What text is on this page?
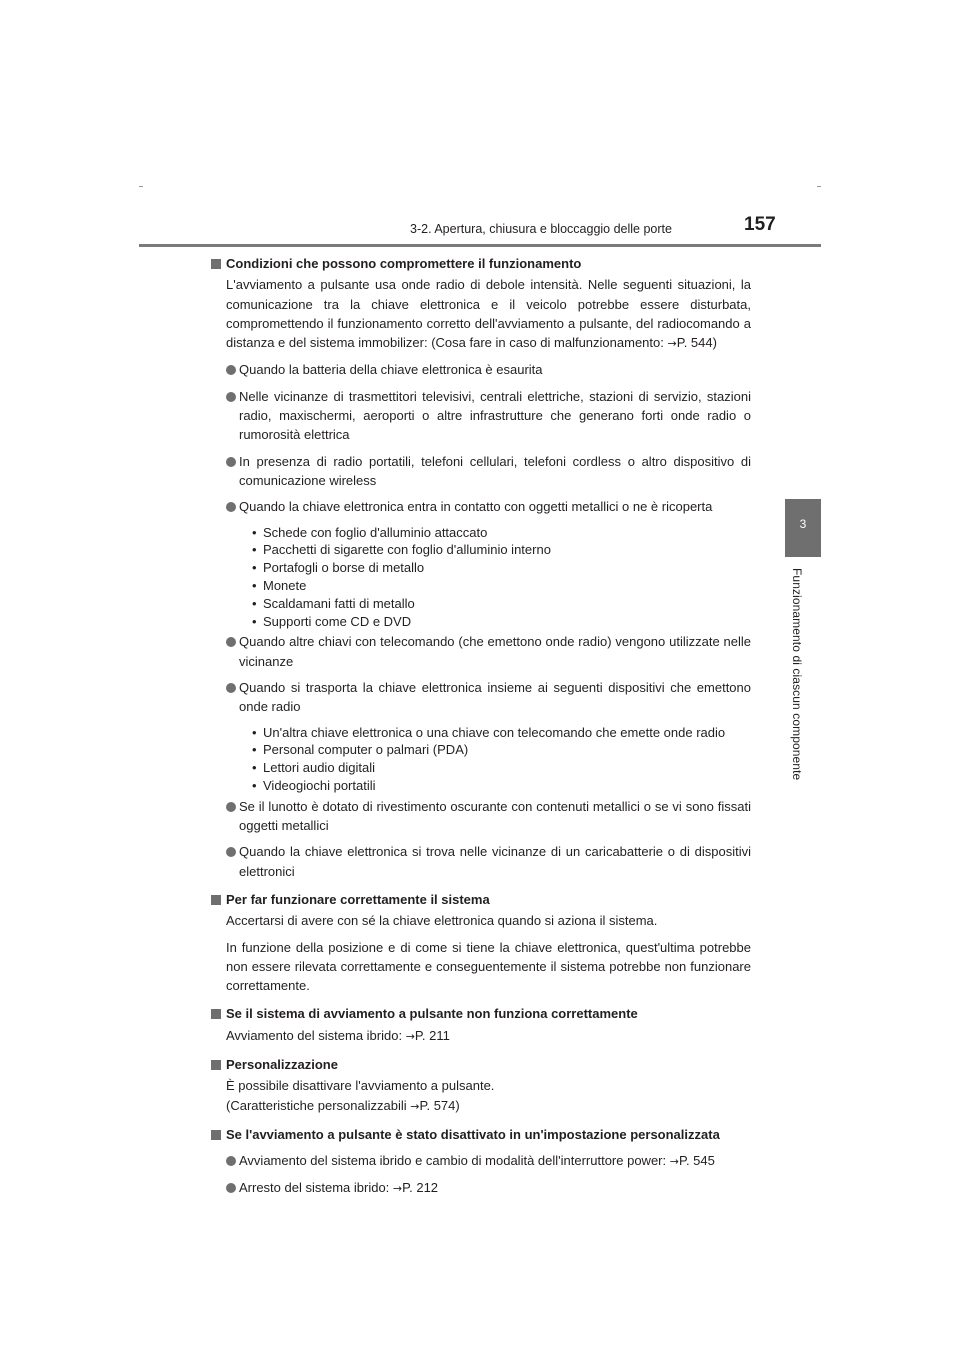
3-2. Apertura, chiusura e bloccaggio delle porte	157
3
Funzionamento di ciascun componente
Condizioni che possono compromettere il funzionamento
L'avviamento a pulsante usa onde radio di debole intensità. Nelle seguenti situazioni, la comunicazione tra la chiave elettronica e il veicolo potrebbe essere disturbata, compromettendo il funzionamento corretto dell'avviamento a pulsante, del radiocomando a distanza e del sistema immobilizer: (Cosa fare in caso di malfunzionamento: →P. 544)
Quando la batteria della chiave elettronica è esaurita
Nelle vicinanze di trasmettitori televisivi, centrali elettriche, stazioni di servizio, stazioni radio, maxischermi, aeroporti o altre infrastrutture che generano forti onde radio o rumorosità elettrica
In presenza di radio portatili, telefoni cellulari, telefoni cordless o altro dispositivo di comunicazione wireless
Quando la chiave elettronica entra in contatto con oggetti metallici o ne è ricoperta
• Schede con foglio d'alluminio attaccato
• Pacchetti di sigarette con foglio d'alluminio interno
• Portafogli o borse di metallo
• Monete
• Scaldamani fatti di metallo
• Supporti come CD e DVD
Quando altre chiavi con telecomando (che emettono onde radio) vengono utilizzate nelle vicinanze
Quando si trasporta la chiave elettronica insieme ai seguenti dispositivi che emettono onde radio
• Un'altra chiave elettronica o una chiave con telecomando che emette onde radio
• Personal computer o palmari (PDA)
• Lettori audio digitali
• Videogiochi portatili
Se il lunotto è dotato di rivestimento oscurante con contenuti metallici o se vi sono fissati oggetti metallici
Quando la chiave elettronica si trova nelle vicinanze di un caricabatterie o di dispositivi elettronici
Per far funzionare correttamente il sistema
Accertarsi di avere con sé la chiave elettronica quando si aziona il sistema.
In funzione della posizione e di come si tiene la chiave elettronica, quest'ultima potrebbe non essere rilevata correttamente e conseguentemente il sistema potrebbe non funzionare correttamente.
Se il sistema di avviamento a pulsante non funziona correttamente
Avviamento del sistema ibrido: →P. 211
Personalizzazione
È possibile disattivare l'avviamento a pulsante.
(Caratteristiche personalizzabili →P. 574)
Se l'avviamento a pulsante è stato disattivato in un'impostazione personalizzata
Avviamento del sistema ibrido e cambio di modalità dell'interruttore power: →P. 545
Arresto del sistema ibrido: →P. 212
